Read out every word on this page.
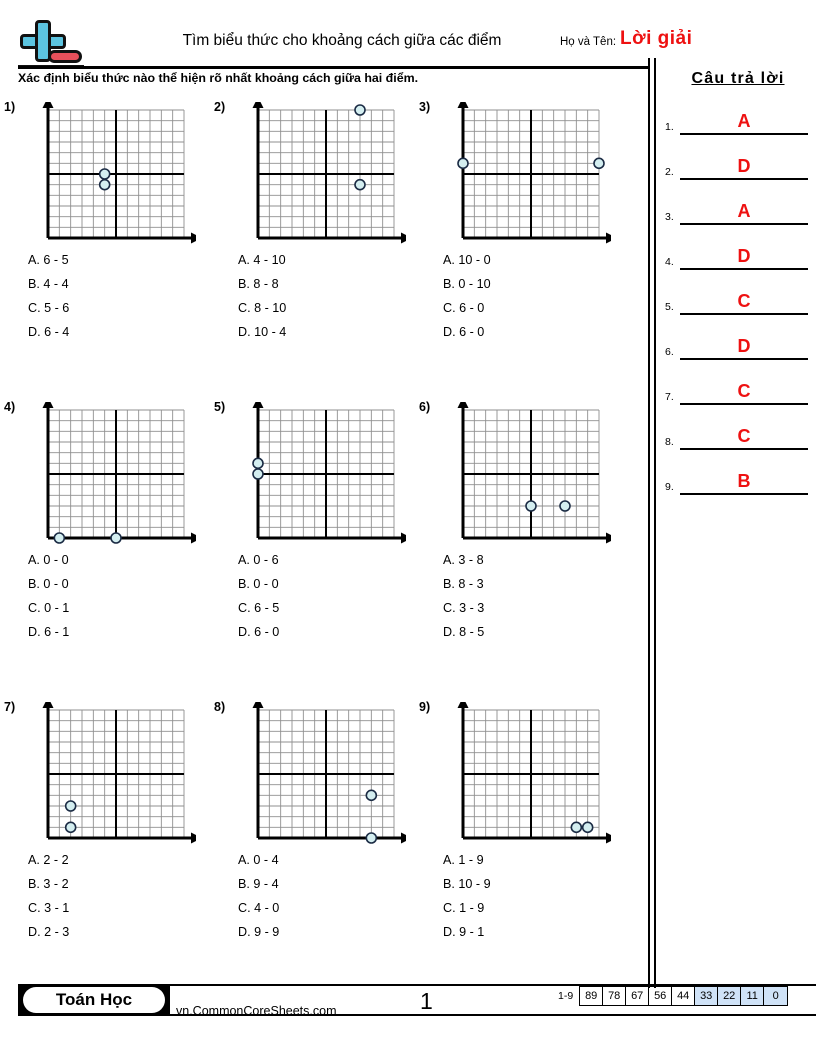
Tìm biểu thức cho khoảng cách giữa các điểm	Họ và Tên: Lời giải
Xác định biểu thức nào thể hiện rõ nhất khoảng cách giữa hai điểm.	Câu trả lời
1.	A
2.	D
3.	A
4.	D
5.	C
6.	D
7.	C
8.	C
9.	B
1)
A. 6 - 5
B. 4 - 4
C. 5 - 6
D. 6 - 4
2)
A. 4 - 10
B. 8 - 8
C. 8 - 10
D. 10 - 4
3)
A. 10 - 0
B. 0 - 10
C. 6 - 0
D. 6 - 0
4)
A. 0 - 0
B. 0 - 0
C. 0 - 1
D. 6 - 1
5)
A. 0 - 6
B. 0 - 0
C. 6 - 5
D. 6 - 0
6)
A. 3 - 8
B. 8 - 3
C. 3 - 3
D. 8 - 5
7)
A. 2 - 2
B. 3 - 2
C. 3 - 1
D. 2 - 3
8)
A. 0 - 4
B. 9 - 4
C. 4 - 0
D. 9 - 9
9)
A. 1 - 9
B. 10 - 9
C. 1 - 9
D. 9 - 1
Toán Học
vn.CommonCoreSheets.com	1	1-9	89 78 67 56 44 33 22	11	0
